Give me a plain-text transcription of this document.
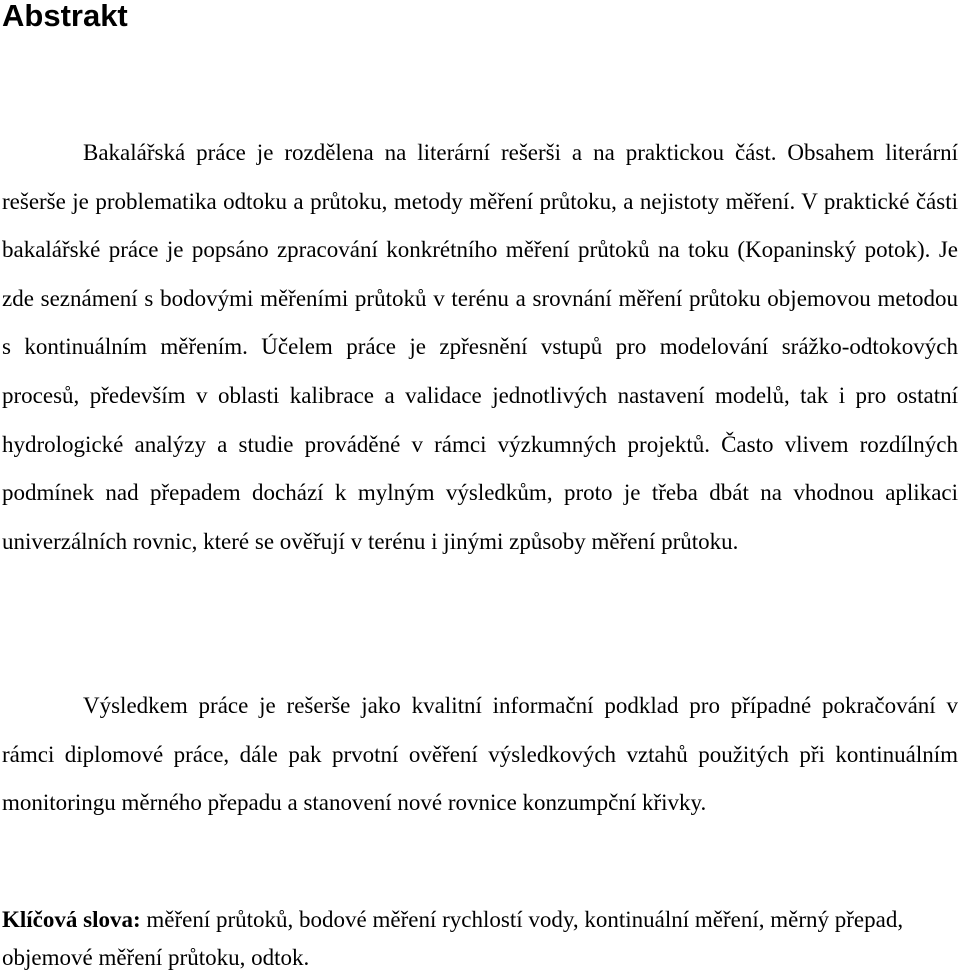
Abstrakt

Bakalářská práce je rozdělena na literární rešerši a na praktickou část. Obsahem literární rešerše je problematika odtoku a průtoku, metody měření průtoku, a nejistoty měření. V praktické části bakalářské práce je popsáno zpracování konkrétního měření průtoků na toku (Kopaninský potok). Je zde seznámení s bodovými měřeními průtoků v terénu a srovnání měření průtoku objemovou metodou s kontinuálním měřením. Účelem práce je zpřesnění vstupů pro modelování srážko-odtokových procesů, především v oblasti kalibrace a validace jednotlivých nastavení modelů, tak i pro ostatní hydrologické analýzy a studie prováděné v rámci výzkumných projektů. Často vlivem rozdílných podmínek nad přepadem dochází k mylným výsledkům, proto je třeba dbát na vhodnou aplikaci univerzálních rovnic, které se ověřují v terénu i jinými způsoby měření průtoku.

Výsledkem práce je rešerše jako kvalitní informační podklad pro případné pokračování v rámci diplomové práce, dále pak prvotní ověření výsledkových vztahů použitých při kontinuálním monitoringu měrného přepadu a stanovení nové rovnice konzumpční křivky.

Klíčová slova: měření průtoků, bodové měření rychlostí vody, kontinuální měření, měrný přepad, objemové měření průtoku, odtok.
